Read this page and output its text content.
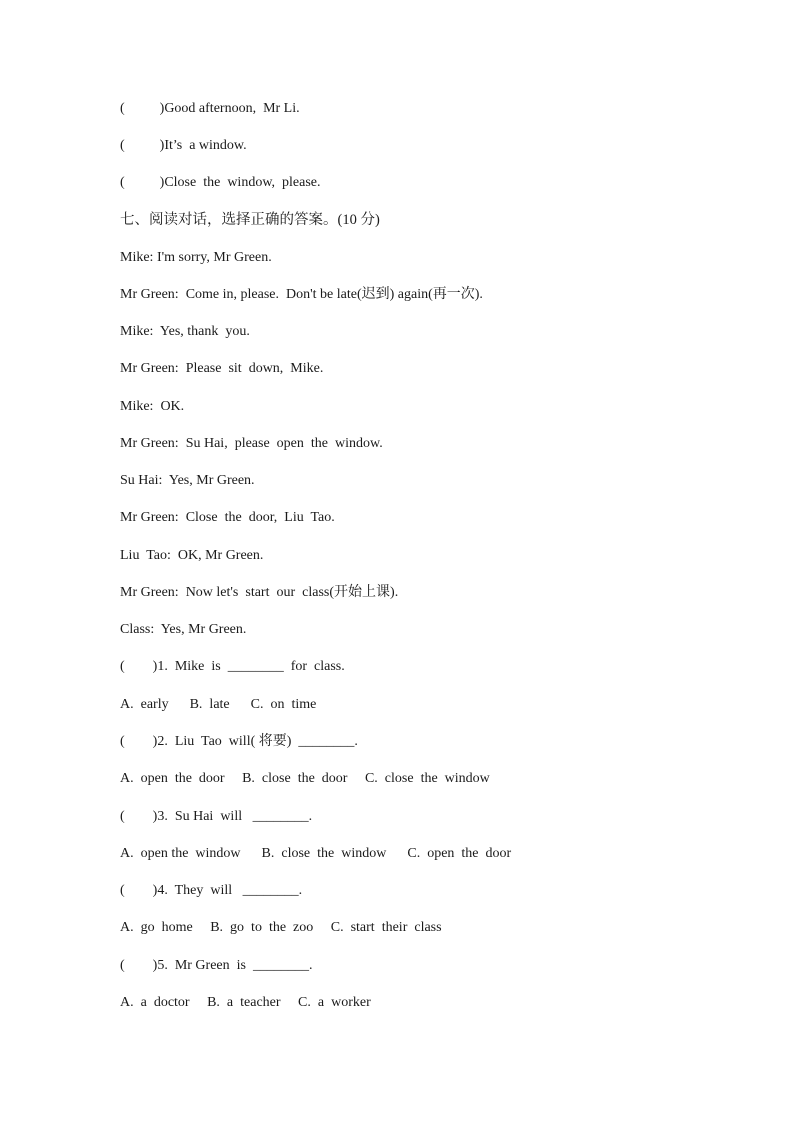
(          )Good afternoon,  Mr Li.
(          )It’s  a window.
(          )Close  the  window,  please.
七、阅读对话，选择正确的答案。(10 分)
Mike: I'm sorry, Mr Green.
Mr Green:  Come in, please.  Don't be late(迟到) again(再一次).
Mike:  Yes, thank  you.
Mr Green:  Please  sit  down,  Mike.
Mike:  OK.
Mr Green:  Su Hai,  please  open  the  window.
Su Hai:  Yes, Mr Green.
Mr Green:  Close  the  door,  Liu  Tao.
Liu  Tao:  OK, Mr Green.
Mr Green:  Now let's  start  our  class(开始上课).
Class:  Yes, Mr Green.
(        )1.  Mike  is  ________  for  class.
A.  early      B.  late      C.  on  time
(        )2.  Liu  Tao  will( 将要)  ________.
A.  open  the  door     B.  close  the  door     C.  close  the  window
(        )3.  Su Hai  will   ________.
A.  open the  window      B.  close  the  window      C.  open  the  door
(        )4.  They  will   ________.
A.  go  home     B.  go  to  the  zoo     C.  start  their  class
(        )5.  Mr Green  is  ________.
A.  a  doctor     B.  a  teacher     C.  a  worker
